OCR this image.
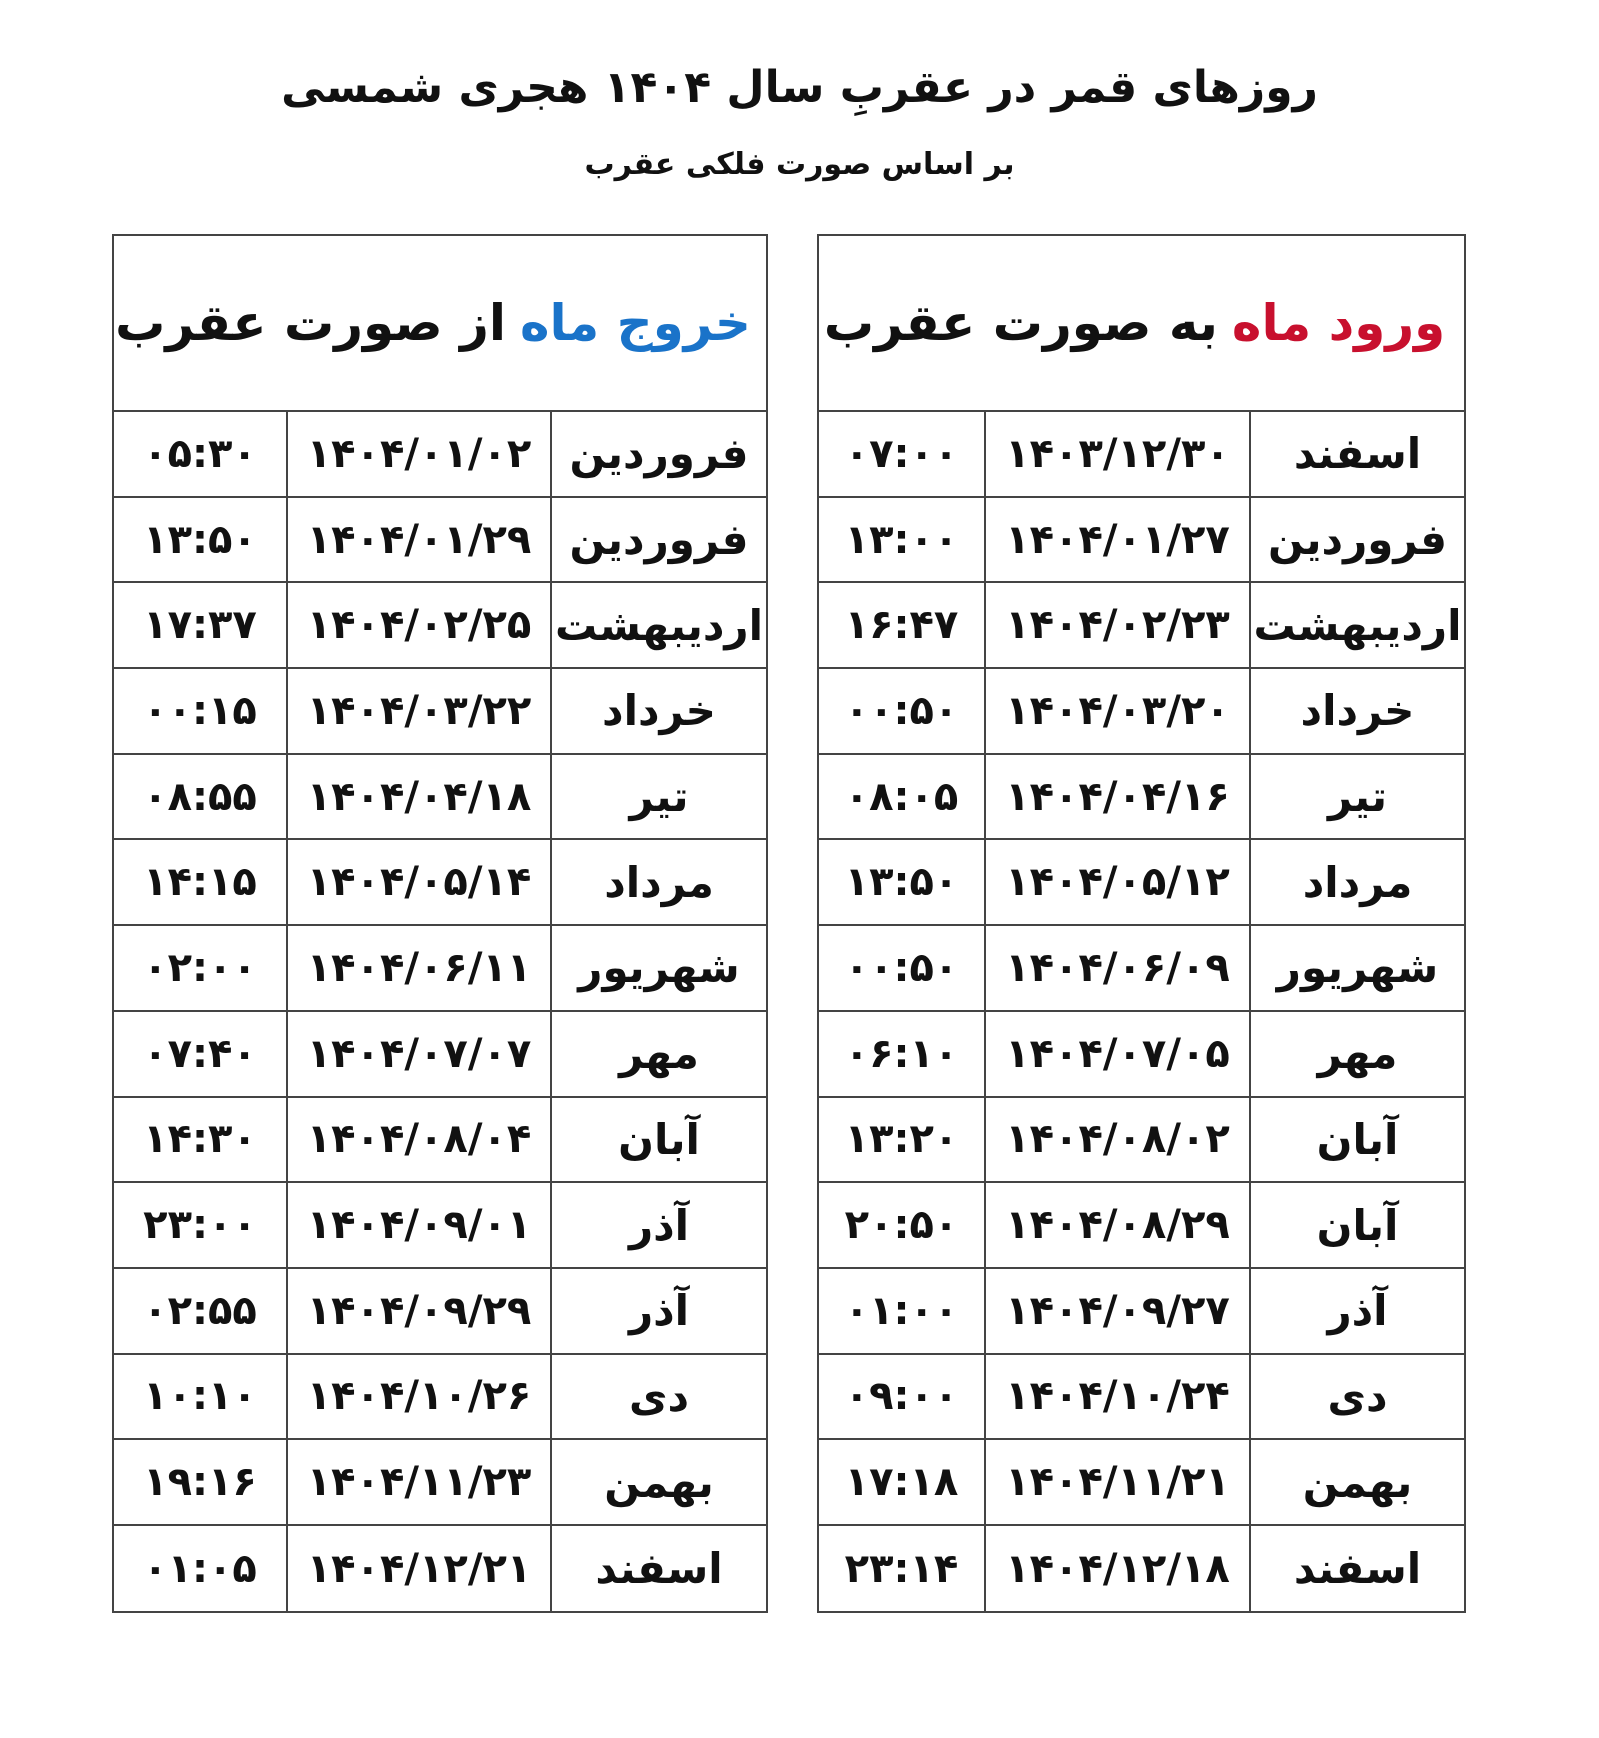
روزهای قمر در عقربِ سال ۱۴۰۴ هجری شمسی
بر اساس صورت فلکی عقرب
خروج ماه
از صورت عقرب
فروردین
۱۴۰۴/۰۱/۰۲
۰۵:۳۰
فروردین
۱۴۰۴/۰۱/۲۹
۱۳:۵۰
اردیبهشت
۱۴۰۴/۰۲/۲۵
۱۷:۳۷
خرداد
۱۴۰۴/۰۳/۲۲
۰۰:۱۵
تیر
۱۴۰۴/۰۴/۱۸
۰۸:۵۵
مرداد
۱۴۰۴/۰۵/۱۴
۱۴:۱۵
شهریور
۱۴۰۴/۰۶/۱۱
۰۲:۰۰
مهر
۱۴۰۴/۰۷/۰۷
۰۷:۴۰
آبان
۱۴۰۴/۰۸/۰۴
۱۴:۳۰
آذر
۱۴۰۴/۰۹/۰۱
۲۳:۰۰
آذر
۱۴۰۴/۰۹/۲۹
۰۲:۵۵
دی
۱۴۰۴/۱۰/۲۶
۱۰:۱۰
بهمن
۱۴۰۴/۱۱/۲۳
۱۹:۱۶
اسفند
۱۴۰۴/۱۲/۲۱
۰۱:۰۵
ورود ماه
به صورت عقرب
اسفند
۱۴۰۳/۱۲/۳۰
۰۷:۰۰
فروردین
۱۴۰۴/۰۱/۲۷
۱۳:۰۰
اردیبهشت
۱۴۰۴/۰۲/۲۳
۱۶:۴۷
خرداد
۱۴۰۴/۰۳/۲۰
۰۰:۵۰
تیر
۱۴۰۴/۰۴/۱۶
۰۸:۰۵
مرداد
۱۴۰۴/۰۵/۱۲
۱۳:۵۰
شهریور
۱۴۰۴/۰۶/۰۹
۰۰:۵۰
مهر
۱۴۰۴/۰۷/۰۵
۰۶:۱۰
آبان
۱۴۰۴/۰۸/۰۲
۱۳:۲۰
آبان
۱۴۰۴/۰۸/۲۹
۲۰:۵۰
آذر
۱۴۰۴/۰۹/۲۷
۰۱:۰۰
دی
۱۴۰۴/۱۰/۲۴
۰۹:۰۰
بهمن
۱۴۰۴/۱۱/۲۱
۱۷:۱۸
اسفند
۱۴۰۴/۱۲/۱۸
۲۳:۱۴
